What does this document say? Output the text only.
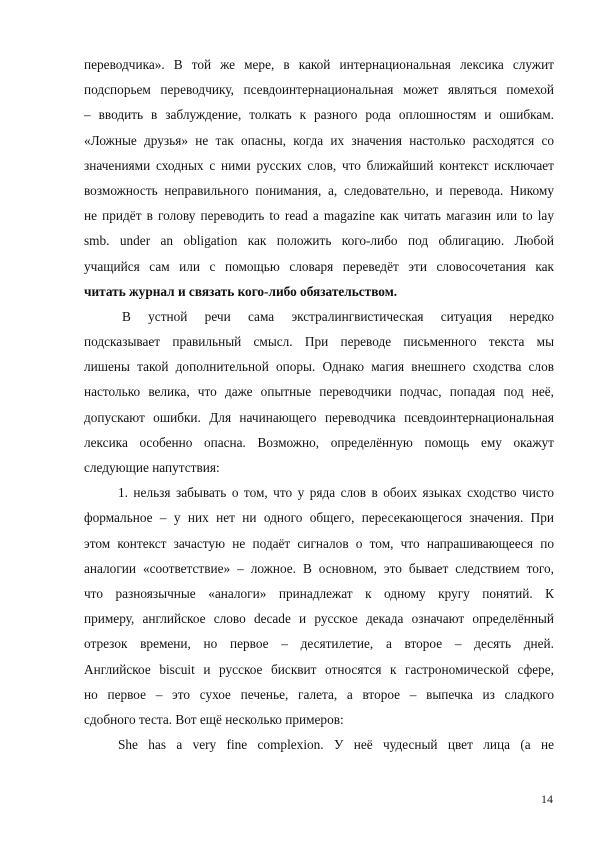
переводчика». В той же мере, в какой интернациональная лексика служит
подспорьем переводчику, псевдоинтернациональная может являться помехой
– вводить в заблуждение, толкать к разного рода оплошностям и ошибкам.
«Ложные друзья» не так опасны, когда их значения настолько расходятся со
значениями сходных с ними русских слов, что ближайший контекст исключает
возможность неправильного понимания, а, следовательно, и перевода. Никому
не придёт в голову переводить to read a magazine как читать магазин или to lay
smb. under an obligation как положить кого-либо под облигацию. Любой
учащийся сам или с помощью словаря переведёт эти словосочетания как
читать журнал и связать кого-либо обязательством.
В устной речи сама экстралингвистическая ситуация нередко
подсказывает правильный смысл. При переводе письменного текста мы
лишены такой дополнительной опоры. Однако магия внешнего сходства слов
настолько велика, что даже опытные переводчики подчас, попадая под неё,
допускают ошибки. Для начинающего переводчика псевдоинтернациональная
лексика особенно опасна. Возможно, определённую помощь ему окажут
следующие напутствия:
1. нельзя забывать о том, что у ряда слов в обоих языках сходство чисто
формальное – у них нет ни одного общего, пересекающегося значения. При
этом контекст зачастую не подаёт сигналов о том, что напрашивающееся по
аналогии «соответствие» – ложное. В основном, это бывает следствием того,
что разноязычные «аналоги» принадлежат к одному кругу понятий. К
примеру, английское слово decade и русское декада означают определённый
отрезок времени, но первое – десятилетие, а второе – десять дней.
Английское biscuit и русское бисквит относятся к гастрономической сфере,
но первое – это сухое печенье, галета, а второе – выпечка из сладкого
сдобного теста. Вот ещё несколько примеров:
She has a very fine complexion. У неё чудесный цвет лица (а не
14
